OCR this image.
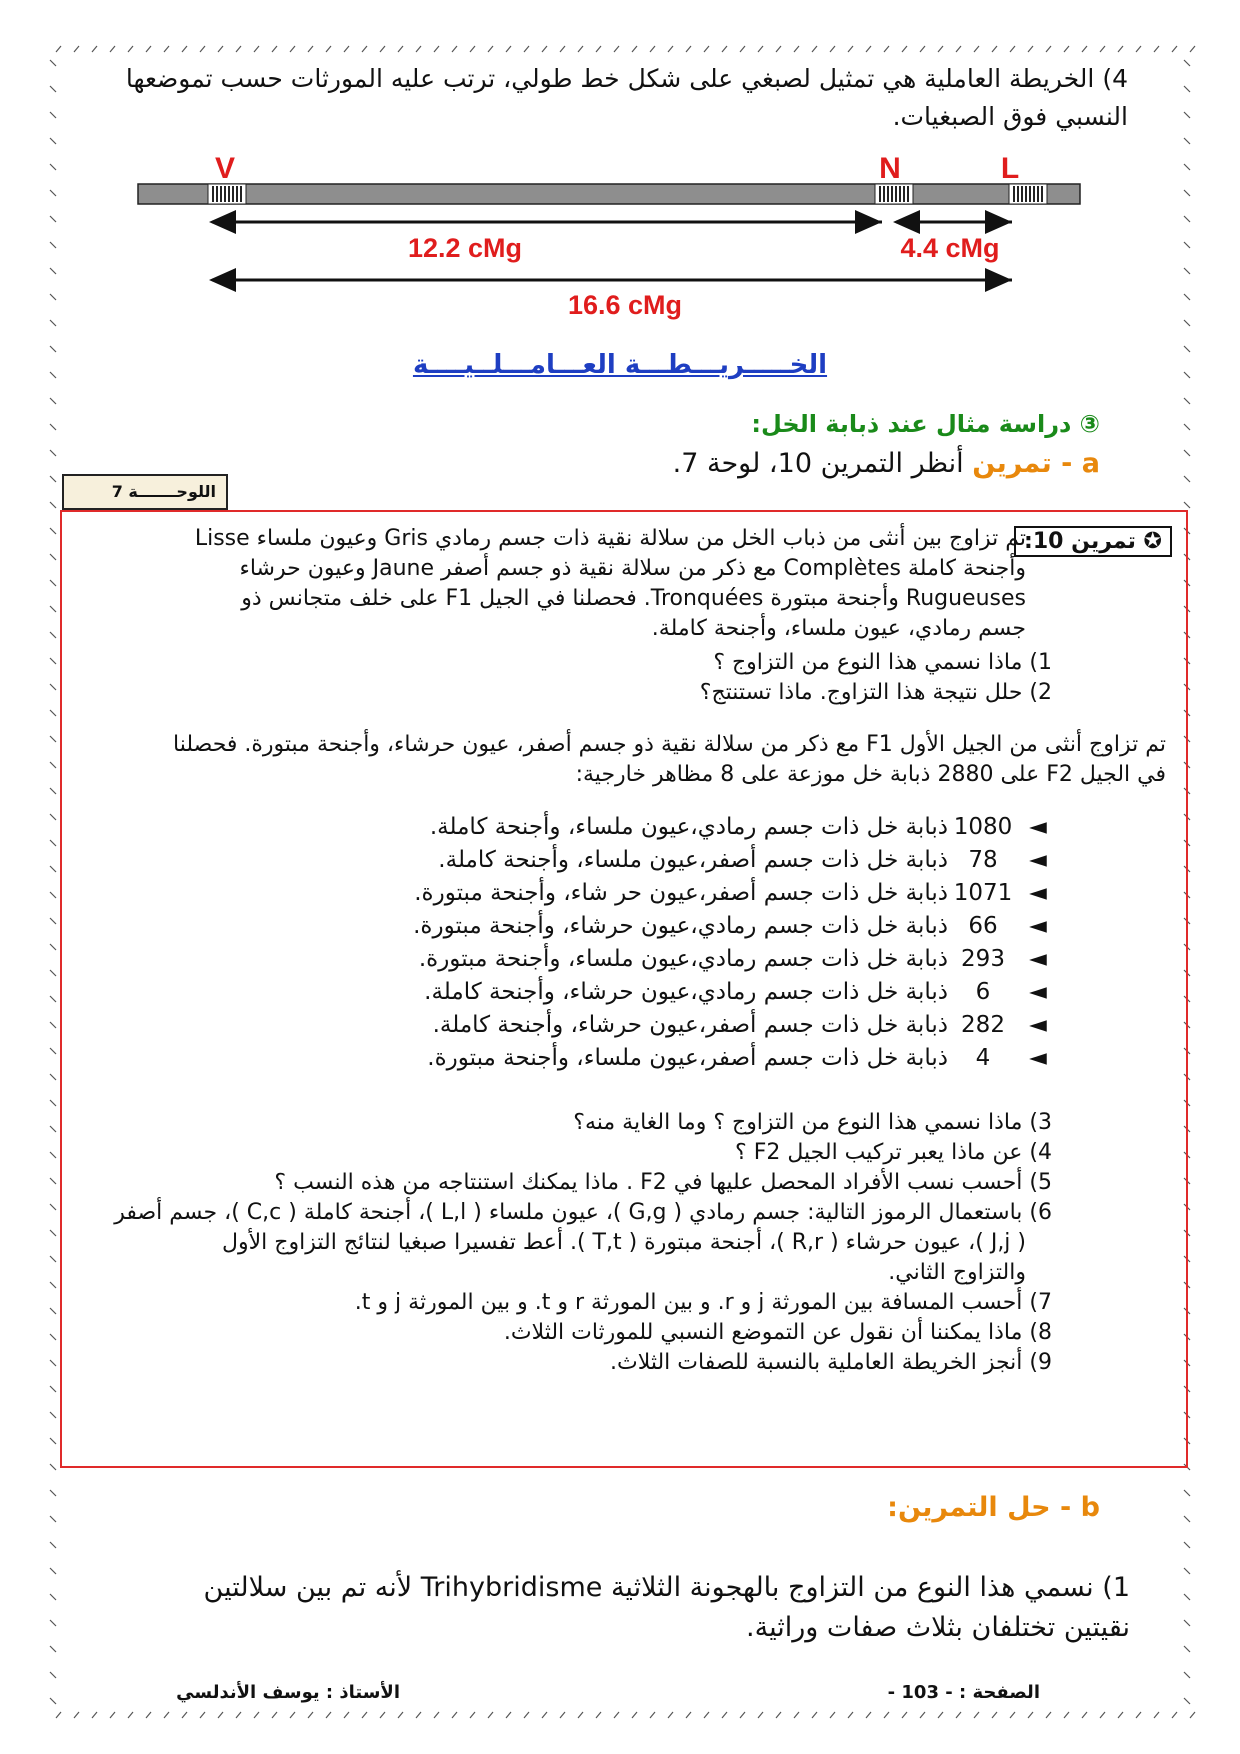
4) الخريطة العاملية هي تمثيل لصبغي على شكل خط طولي، ترتب عليه المورثات حسب تموضعها النسبي فوق الصبغيات.
V	N	L
12.2 cMg	4.4 cMg
16.6 cMg
الخـــــريـــطـــة العـــامـــلــيــــة
③ دراسة مثال عند ذبابة الخل:
a - تمرين أنظر التمرين 10، لوحة 7.
اللوحـــــــة 7
✪ تمرين 10:
تم تزاوج بين أنثى من ذباب الخل من سلالة نقية ذات جسم رمادي Gris وعيون ملساء Lisse
وأجنحة كاملة Complètes مع ذكر من سلالة نقية ذو جسم أصفر Jaune وعيون حرشاء
Rugueuses وأجنحة مبتورة Tronquées. فحصلنا في الجيل F1 على خلف متجانس ذو
جسم رمادي، عيون ملساء، وأجنحة كاملة.
1) ماذا نسمي هذا النوع من التزاوج ؟
2) حلل نتيجة هذا التزاوج. ماذا تستنتج؟
تم تزاوج أنثى من الجيل الأول F1 مع ذكر من سلالة نقية ذو جسم أصفر، عيون حرشاء، وأجنحة مبتورة. فحصلنا
في الجيل F2 على 2880 ذبابة خل موزعة على 8 مظاهر خارجية:
◄
1080
ذبابة خل ذات جسم رمادي،عيون ملساء، وأجنحة كاملة.
◄
78
ذبابة خل ذات جسم أصفر،عيون ملساء، وأجنحة كاملة.
◄
1071
ذبابة خل ذات جسم أصفر،عيون حر شاء، وأجنحة مبتورة.
◄
66
ذبابة خل ذات جسم رمادي،عيون حرشاء، وأجنحة مبتورة.
◄
293
ذبابة خل ذات جسم رمادي،عيون ملساء، وأجنحة مبتورة.
◄
6
ذبابة خل ذات جسم رمادي،عيون حرشاء، وأجنحة كاملة.
◄
282
ذبابة خل ذات جسم أصفر،عيون حرشاء، وأجنحة كاملة.
◄
4
ذبابة خل ذات جسم أصفر،عيون ملساء، وأجنحة مبتورة.
3) ماذا نسمي هذا النوع من التزاوج ؟ وما الغاية منه؟
4) عن ماذا يعبر تركيب الجيل F2 ؟
5) أحسب نسب الأفراد المحصل عليها في F2 . ماذا يمكنك استنتاجه من هذه النسب ؟
6) باستعمال الرموز التالية: جسم رمادي ( G,g )، عيون ملساء ( L,l )، أجنحة كاملة ( C,c )، جسم أصفر
( J,j )، عيون حرشاء ( R,r )، أجنحة مبتورة ( T,t ). أعط تفسيرا صبغيا لنتائج التزاوج الأول
والتزاوج الثاني.
7) أحسب المسافة بين المورثة j و r. و بين المورثة r و t. و بين المورثة j و t.
8) ماذا يمكننا أن نقول عن التموضع النسبي للمورثات الثلاث.
9) أنجز الخريطة العاملية بالنسبة للصفات الثلاث.
b - حل التمرين:
1) نسمي هذا النوع من التزاوج بالهجونة الثلاثية Trihybridisme لأنه تم بين سلالتين نقيتين تختلفان بثلاث صفات وراثية.
الأستاذ : يوسف الأندلسي	الصفحة : - 103 -
